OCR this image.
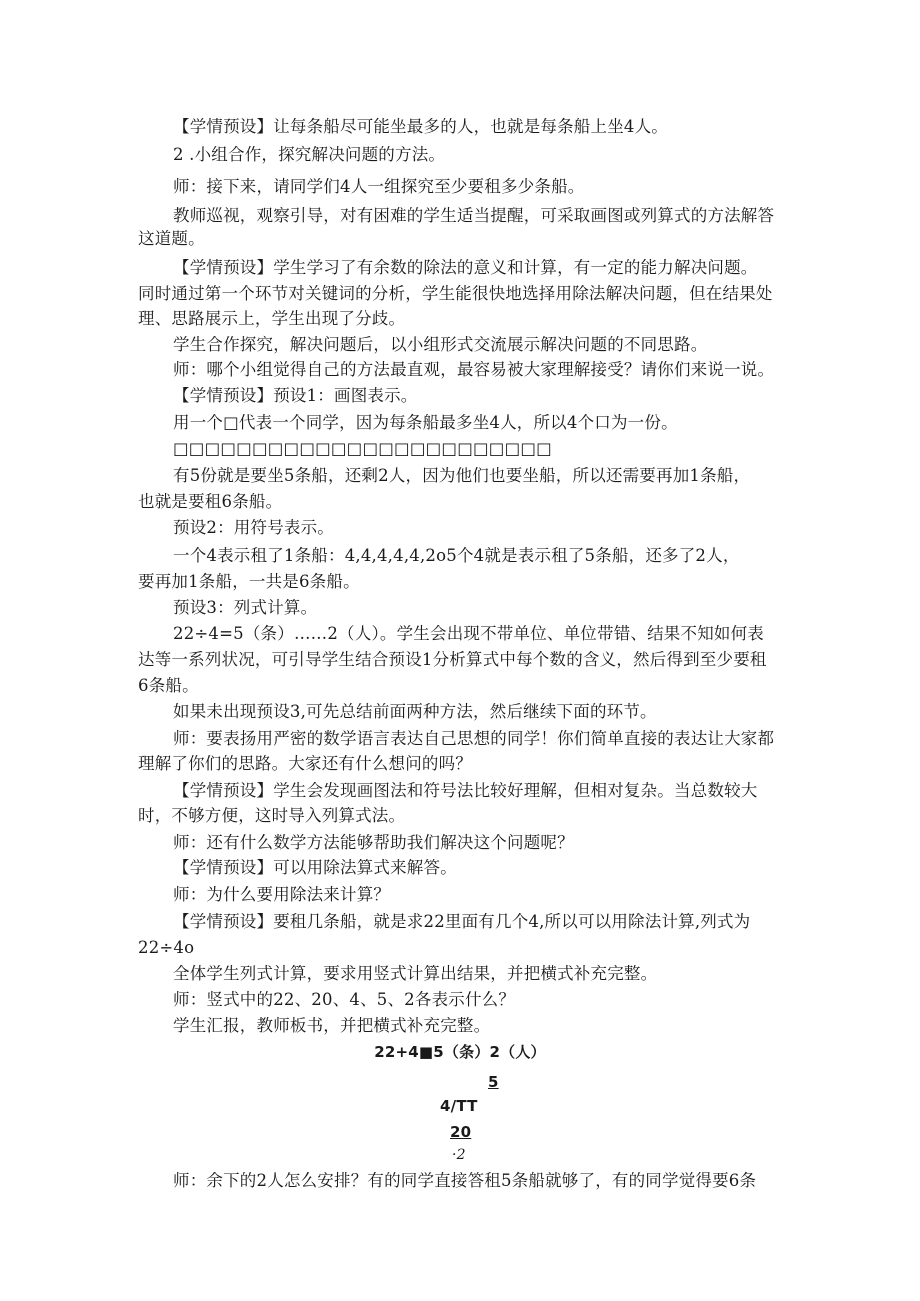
【学情预设】让每条船尽可能坐最多的人，也就是每条船上坐4人。
2 .小组合作，探究解决问题的方法。
师：接下来，请同学们4人一组探究至少要租多少条船。
教师巡视，观察引导，对有困难的学生适当提醒，可采取画图或列算式的方法解答
这道题。
【学情预设】学生学习了有余数的除法的意义和计算，有一定的能力解决问题。
同时通过第一个环节对关键词的分析，学生能很快地选择用除法解决问题，但在结果处
理、思路展示上，学生出现了分歧。
学生合作探究，解决问题后，以小组形式交流展示解决问题的不同思路。
师：哪个小组觉得自己的方法最直观，最容易被大家理解接受？请你们来说一说。
【学情预设】预设1：画图表示。
用一个□代表一个同学，因为每条船最多坐4人，所以4个口为一份。
□□□□□□□□□□□□□□□□□□□□□□□□
有5份就是要坐5条船，还剩2人，因为他们也要坐船，所以还需要再加1条船，
也就是要租6条船。
预设2：用符号表示。
一个4表示租了1条船：4,4,4,4,4,2o5个4就是表示租了5条船，还多了2人，
要再加1条船，一共是6条船。
预设3：列式计算。
22÷4=5（条）……2（人）。学生会出现不带单位、单位带错、结果不知如何表
达等一系列状况，可引导学生结合预设1分析算式中每个数的含义，然后得到至少要租
6条船。
如果未出现预设3,可先总结前面两种方法，然后继续下面的环节。
师：要表扬用严密的数学语言表达自己思想的同学！你们简单直接的表达让大家都
理解了你们的思路。大家还有什么想问的吗？
【学情预设】学生会发现画图法和符号法比较好理解，但相对复杂。当总数较大
时，不够方便，这时导入列算式法。
师：还有什么数学方法能够帮助我们解决这个问题呢？
【学情预设】可以用除法算式来解答。
师：为什么要用除法来计算？
【学情预设】要租几条船，就是求22里面有几个4,所以可以用除法计算,列式为
22÷4o
全体学生列式计算，要求用竖式计算出结果，并把横式补充完整。
师：竖式中的22、20、4、5、2各表示什么？
学生汇报，教师板书，并把横式补充完整。
22+4■5（条）2（人）
5
4/TT
20
·2
师：余下的2人怎么安排？有的同学直接答租5条船就够了，有的同学觉得要6条
